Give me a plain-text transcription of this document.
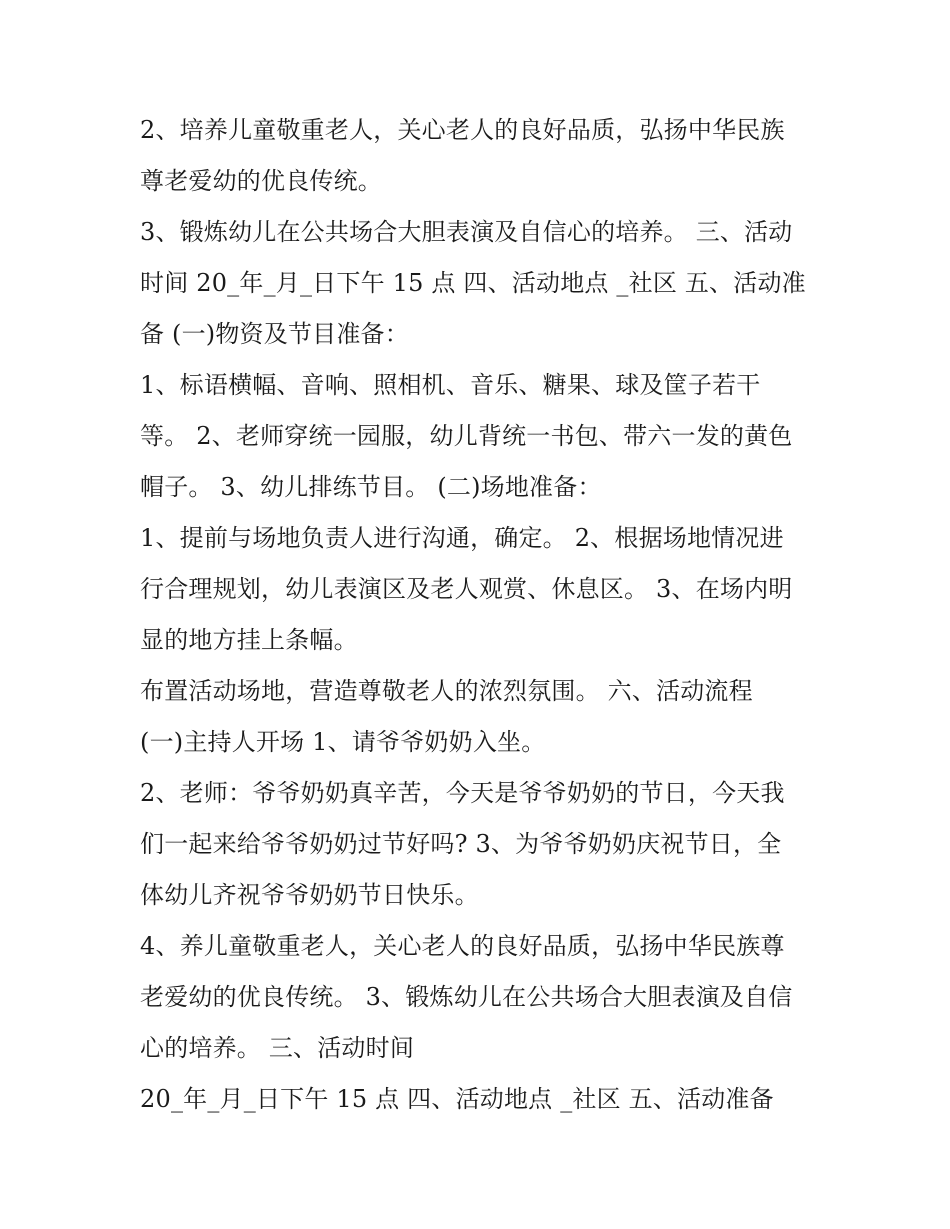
2、培养儿童敬重老人，关心老人的良好品质，弘扬中华民族
尊老爱幼的优良传统。
3、锻炼幼儿在公共场合大胆表演及自信心的培养。 三、活动
时间 20_年_月_日下午 15 点 四、活动地点 _社区 五、活动准
备 (一)物资及节目准备：
1、标语横幅、音响、照相机、音乐、糖果、球及筐子若干
等。 2、老师穿统一园服，幼儿背统一书包、带六一发的黄色
帽子。 3、幼儿排练节目。 (二)场地准备：
1、提前与场地负责人进行沟通，确定。 2、根据场地情况进
行合理规划，幼儿表演区及老人观赏、休息区。 3、在场内明
显的地方挂上条幅。
布置活动场地，营造尊敬老人的浓烈氛围。 六、活动流程
(一)主持人开场 1、请爷爷奶奶入坐。
2、老师：爷爷奶奶真辛苦，今天是爷爷奶奶的节日，今天我
们一起来给爷爷奶奶过节好吗? 3、为爷爷奶奶庆祝节日，全
体幼儿齐祝爷爷奶奶节日快乐。
4、养儿童敬重老人，关心老人的良好品质，弘扬中华民族尊
老爱幼的优良传统。 3、锻炼幼儿在公共场合大胆表演及自信
心的培养。 三、活动时间
20_年_月_日下午 15 点 四、活动地点 _社区 五、活动准备
